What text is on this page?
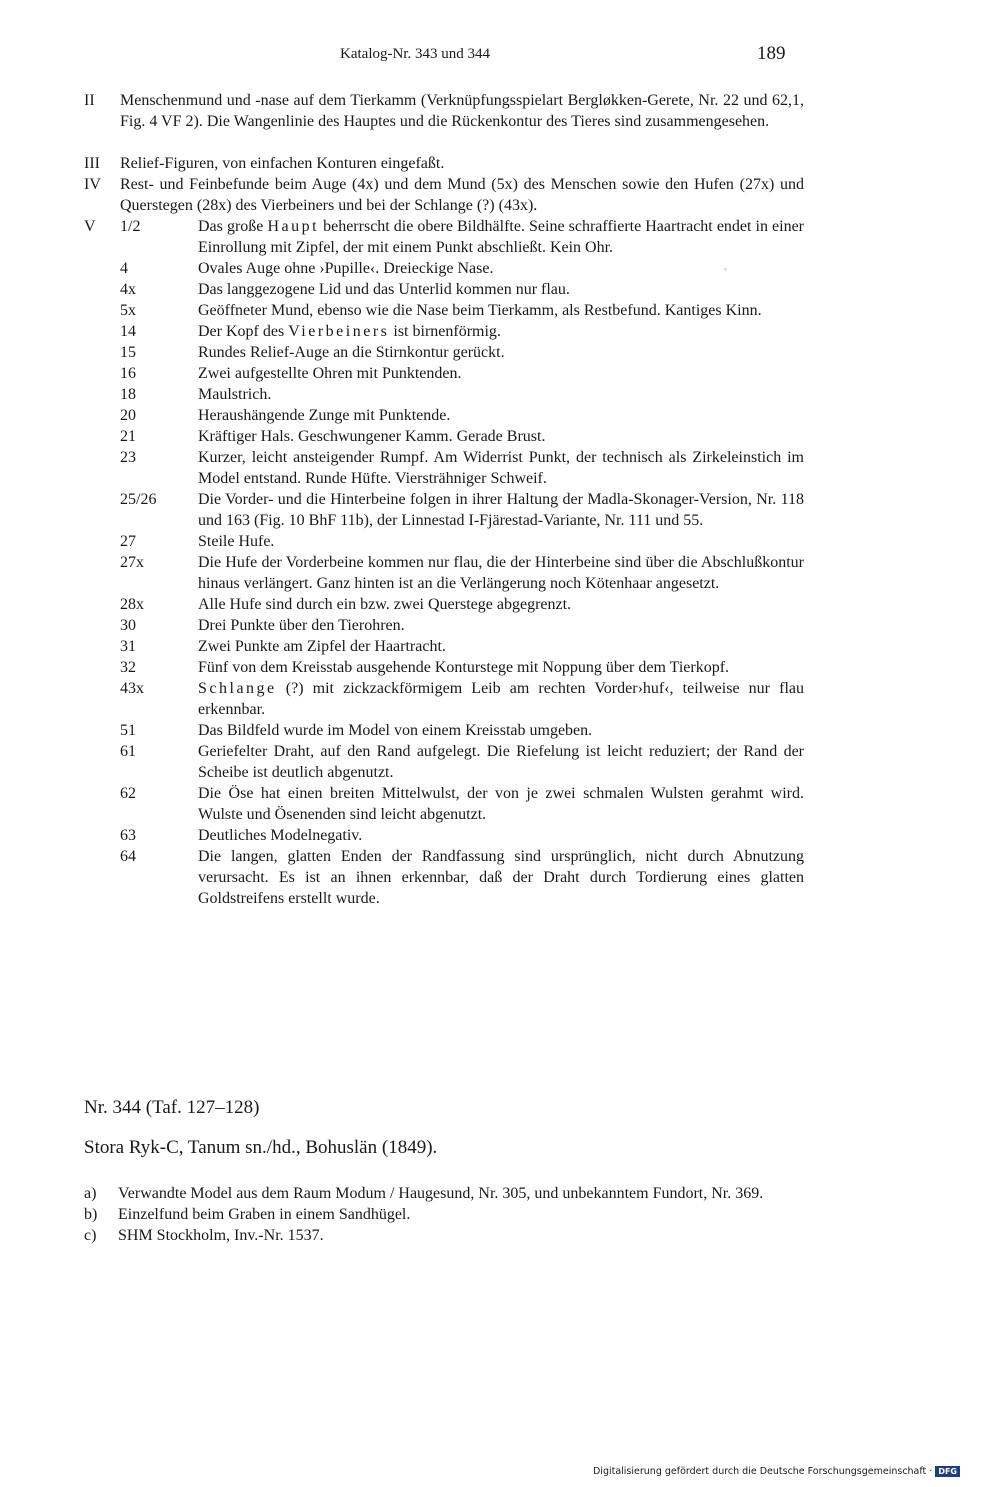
Katalog-Nr. 343 und 344	189
II Menschenmund und -nase auf dem Tierkamm (Verknüpfungsspielart Bergløkken-Gerete, Nr. 22 und 62,1, Fig. 4 VF 2). Die Wangenlinie des Hauptes und die Rückenkontur des Tieres sind zusammengesehen.
III Relief-Figuren, von einfachen Konturen eingefaßt.
IV Rest- und Feinbefunde beim Auge (4x) und dem Mund (5x) des Menschen sowie den Hufen (27x) und Querstegen (28x) des Vierbeiners und bei der Schlange (?) (43x).
V 1/2	Das große Haupt beherrscht die obere Bildhälfte. Seine schraffierte Haartracht endet in einer Einrollung mit Zipfel, der mit einem Punkt abschließt. Kein Ohr.
4	Ovales Auge ohne ›Pupille‹. Dreieckige Nase.
4x	Das langgezogene Lid und das Unterlid kommen nur flau.
5x	Geöffneter Mund, ebenso wie die Nase beim Tierkamm, als Restbefund. Kantiges Kinn.
14	Der Kopf des Vierbeiners ist birnenförmig.
15	Rundes Relief-Auge an die Stirnkontur gerückt.
16	Zwei aufgestellte Ohren mit Punktenden.
18	Maulstrich.
20	Heraushängende Zunge mit Punktende.
21	Kräftiger Hals. Geschwungener Kamm. Gerade Brust.
23	Kurzer, leicht ansteigender Rumpf. Am Widerrist Punkt, der technisch als Zirkeleinstich im Model entstand. Runde Hüfte. Viersträhniger Schweif.
25/26	Die Vorder- und die Hinterbeine folgen in ihrer Haltung der Madla-Skonager-Version, Nr. 118 und 163 (Fig. 10 BhF 11b), der Linnestad I-Fjärestad-Variante, Nr. 111 und 55.
27	Steile Hufe.
27x	Die Hufe der Vorderbeine kommen nur flau, die der Hinterbeine sind über die Abschlußkontur hinaus verlängert. Ganz hinten ist an die Verlängerung noch Kötenhaar angesetzt.
28x	Alle Hufe sind durch ein bzw. zwei Querstege abgegrenzt.
30	Drei Punkte über den Tierohren.
31	Zwei Punkte am Zipfel der Haartracht.
32	Fünf von dem Kreisstab ausgehende Konturstege mit Noppung über dem Tierkopf.
43x	Schlange (?) mit zickzackförmigem Leib am rechten Vorder›huf‹, teilweise nur flau erkennbar.
51	Das Bildfeld wurde im Model von einem Kreisstab umgeben.
61	Geriefelter Draht, auf den Rand aufgelegt. Die Riefelung ist leicht reduziert; der Rand der Scheibe ist deutlich abgenutzt.
62	Die Öse hat einen breiten Mittelwulst, der von je zwei schmalen Wulsten gerahmt wird. Wulste und Ösenenden sind leicht abgenutzt.
63	Deutliches Modelnegativ.
64	Die langen, glatten Enden der Randfassung sind ursprünglich, nicht durch Abnutzung verursacht. Es ist an ihnen erkennbar, daß der Draht durch Tordierung eines glatten Goldstreifens erstellt wurde.
◦
Nr. 344 (Taf. 127–128)
Stora Ryk-C, Tanum sn./hd., Bohuslän (1849).
a)	Verwandte Model aus dem Raum Modum / Haugesund, Nr. 305, und unbekanntem Fundort, Nr. 369.
b)	Einzelfund beim Graben in einem Sandhügel.
c)	SHM Stockholm, Inv.-Nr. 1537.
Digitalisierung gefördert durch die Deutsche Forschungsgemeinschaft · DFG
